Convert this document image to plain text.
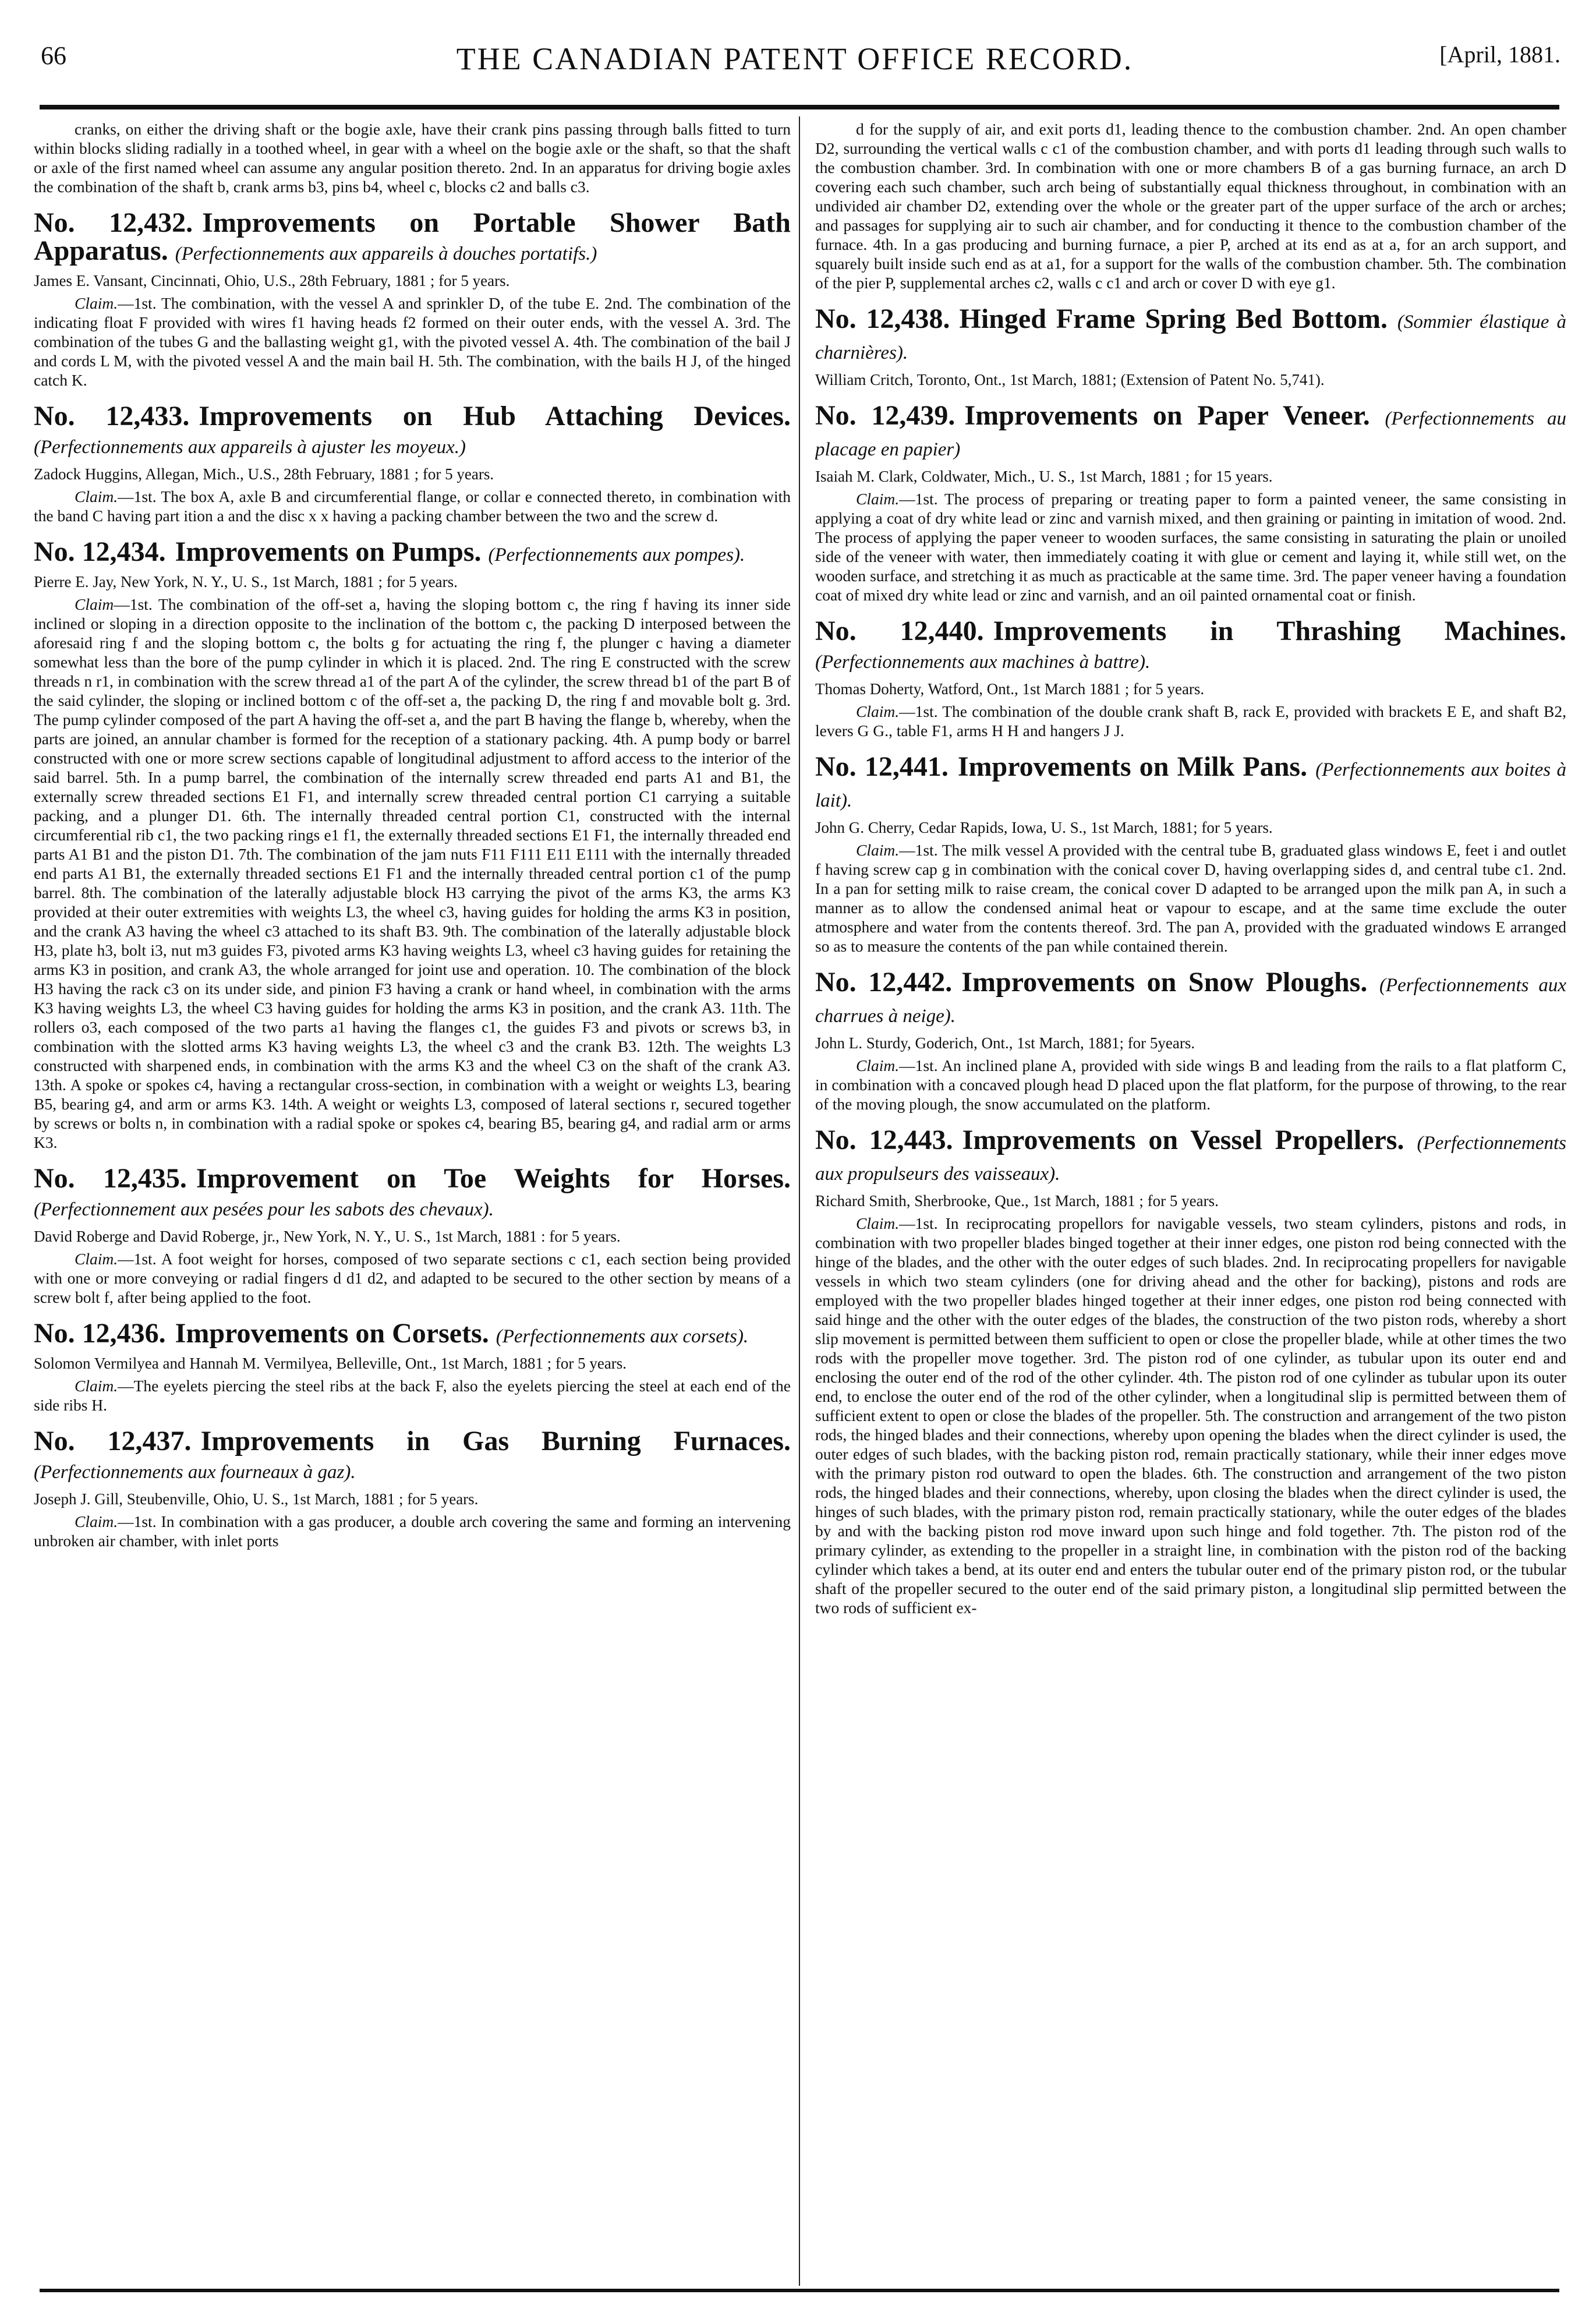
66	THE CANADIAN PATENT OFFICE RECORD.	[April, 1881.

cranks, on either the driving shaft or the bogie axle, have their crank pins passing through balls fitted to turn within blocks sliding radially in a toothed wheel, in gear with a wheel on the bogie axle or the shaft, so that the shaft or axle of the first named wheel can assume any angular position thereto. 2nd. In an apparatus for driving bogie axles the combination of the shaft b, crank arms b3, pins b4, wheel c, blocks c2 and balls c3.

No. 12,432. Improvements on Portable Shower Bath Apparatus. (Perfectionnements aux appareils à douches portatifs.)

James E. Vansant, Cincinnati, Ohio, U.S., 28th February, 1881 ; for 5 years.

Claim.—1st. The combination, with the vessel A and sprinkler D, of the tube E. 2nd. The combination of the indicating float F provided with wires f1 having heads f2 formed on their outer ends, with the vessel A. 3rd. The combination of the tubes G and the ballasting weight g1, with the pivoted vessel A. 4th. The combination of the bail J and cords L M, with the pivoted vessel A and the main bail H. 5th. The combination, with the bails H J, of the hinged catch K.

No. 12,433. Improvements on Hub Attaching Devices. (Perfectionnements aux appareils à ajuster les moyeux.)

Zadock Huggins, Allegan, Mich., U.S., 28th February, 1881 ; for 5 years.

Claim.—1st. The box A, axle B and circumferential flange, or collar e connected thereto, in combination with the band C having part ition a and the disc x x having a packing chamber between the two and the screw d.

No. 12,434. Improvements on Pumps. (Perfectionnements aux pompes).

Pierre E. Jay, New York, N. Y., U. S., 1st March, 1881 ; for 5 years.

Claim—1st. The combination of the off-set a, having the sloping bottom c, the ring f having its inner side inclined or sloping in a direction opposite to the inclination of the bottom c, the packing D interposed between the aforesaid ring f and the sloping bottom c, the bolts g for actuating the ring f, the plunger c having a diameter somewhat less than the bore of the pump cylinder in which it is placed. 2nd. The ring E constructed with the screw threads n r1, in combination with the screw thread a1 of the part A of the cylinder, the screw thread b1 of the part B of the said cylinder, the sloping or inclined bottom c of the off-set a, the packing D, the ring f and movable bolt g. 3rd. The pump cylinder composed of the part A having the off-set a, and the part B having the flange b, whereby, when the parts are joined, an annular chamber is formed for the reception of a stationary packing. 4th. A pump body or barrel constructed with one or more screw sections capable of longitudinal adjustment to afford access to the interior of the said barrel. 5th. In a pump barrel, the combination of the internally screw threaded end parts A1 and B1, the externally screw threaded sections E1 F1, and internally screw threaded central portion C1 carrying a suitable packing, and a plunger D1. 6th. The internally threaded central portion C1, constructed with the internal circumferential rib c1, the two packing rings e1 f1, the externally threaded sections E1 F1, the internally threaded end parts A1 B1 and the piston D1. 7th. The combination of the jam nuts F11 F111 E11 E111 with the internally threaded end parts A1 B1, the externally threaded sections E1 F1 and the internally threaded central portion c1 of the pump barrel. 8th. The combination of the laterally adjustable block H3 carrying the pivot of the arms K3, the arms K3 provided at their outer extremities with weights L3, the wheel c3, having guides for holding the arms K3 in position, and the crank A3 having the wheel c3 attached to its shaft B3. 9th. The combination of the laterally adjustable block H3, plate h3, bolt i3, nut m3 guides F3, pivoted arms K3 having weights L3, wheel c3 having guides for retaining the arms K3 in position, and crank A3, the whole arranged for joint use and operation. 10. The combination of the block H3 having the rack c3 on its under side, and pinion F3 having a crank or hand wheel, in combination with the arms K3 having weights L3, the wheel C3 having guides for holding the arms K3 in position, and the crank A3. 11th. The rollers o3, each composed of the two parts a1 having the flanges c1, the guides F3 and pivots or screws b3, in combination with the slotted arms K3 having weights L3, the wheel c3 and the crank B3. 12th. The weights L3 constructed with sharpened ends, in combination with the arms K3 and the wheel C3 on the shaft of the crank A3. 13th. A spoke or spokes c4, having a rectangular cross-section, in combination with a weight or weights L3, bearing B5, bearing g4, and arm or arms K3. 14th. A weight or weights L3, composed of lateral sections r, secured together by screws or bolts n, in combination with a radial spoke or spokes c4, bearing B5, bearing g4, and radial arm or arms K3.

No. 12,435. Improvement on Toe Weights for Horses. (Perfectionnement aux pesées pour les sabots des chevaux).

David Roberge and David Roberge, jr., New York, N. Y., U. S., 1st March, 1881 : for 5 years.

Claim.—1st. A foot weight for horses, composed of two separate sections c c1, each section being provided with one or more conveying or radial fingers d d1 d2, and adapted to be secured to the other section by means of a screw bolt f, after being applied to the foot.

No. 12,436. Improvements on Corsets. (Perfectionnements aux corsets).

Solomon Vermilyea and Hannah M. Vermilyea, Belleville, Ont., 1st March, 1881 ; for 5 years.

Claim.—The eyelets piercing the steel ribs at the back F, also the eyelets piercing the steel at each end of the side ribs H.

No. 12,437. Improvements in Gas Burning Furnaces. (Perfectionnements aux fourneaux à gaz).

Joseph J. Gill, Steubenville, Ohio, U. S., 1st March, 1881 ; for 5 years.

Claim.—1st. In combination with a gas producer, a double arch covering the same and forming an intervening unbroken air chamber, with inlet ports

d for the supply of air, and exit ports d1, leading thence to the combustion chamber. 2nd. An open chamber D2, surrounding the vertical walls c c1 of the combustion chamber, and with ports d1 leading through such walls to the combustion chamber. 3rd. In combination with one or more chambers B of a gas burning furnace, an arch D covering each such chamber, such arch being of substantially equal thickness throughout, in combination with an undivided air chamber D2, extending over the whole or the greater part of the upper surface of the arch or arches; and passages for supplying air to such air chamber, and for conducting it thence to the combustion chamber of the furnace. 4th. In a gas producing and burning furnace, a pier P, arched at its end as at a, for an arch support, and squarely built inside such end as at a1, for a support for the walls of the combustion chamber. 5th. The combination of the pier P, supplemental arches c2, walls c c1 and arch or cover D with eye g1.

No. 12,438. Hinged Frame Spring Bed Bottom. (Sommier élastique à charnières).

William Critch, Toronto, Ont., 1st March, 1881; (Extension of Patent No. 5,741).

No. 12,439. Improvements on Paper Veneer. (Perfectionnements au placage en papier)

Isaiah M. Clark, Coldwater, Mich., U. S., 1st March, 1881 ; for 15 years.

Claim.—1st. The process of preparing or treating paper to form a painted veneer, the same consisting in applying a coat of dry white lead or zinc and varnish mixed, and then graining or painting in imitation of wood. 2nd. The process of applying the paper veneer to wooden surfaces, the same consisting in saturating the plain or unoiled side of the veneer with water, then immediately coating it with glue or cement and laying it, while still wet, on the wooden surface, and stretching it as much as practicable at the same time. 3rd. The paper veneer having a foundation coat of mixed dry white lead or zinc and varnish, and an oil painted ornamental coat or finish.

No. 12,440. Improvements in Thrashing Machines. (Perfectionnements aux machines à battre).

Thomas Doherty, Watford, Ont., 1st March 1881 ; for 5 years.

Claim.—1st. The combination of the double crank shaft B, rack E, provided with brackets E E, and shaft B2, levers G G., table F1, arms H H and hangers J J.

No. 12,441. Improvements on Milk Pans. (Perfectionnements aux boites à lait).

John G. Cherry, Cedar Rapids, Iowa, U. S., 1st March, 1881; for 5 years.

Claim.—1st. The milk vessel A provided with the central tube B, graduated glass windows E, feet i and outlet f having screw cap g in combination with the conical cover D, having overlapping sides d, and central tube c1. 2nd. In a pan for setting milk to raise cream, the conical cover D adapted to be arranged upon the milk pan A, in such a manner as to allow the condensed animal heat or vapour to escape, and at the same time exclude the outer atmosphere and water from the contents thereof. 3rd. The pan A, provided with the graduated windows E arranged so as to measure the contents of the pan while contained therein.

No. 12,442. Improvements on Snow Ploughs. (Perfectionnements aux charrues à neige).

John L. Sturdy, Goderich, Ont., 1st March, 1881; for 5years.

Claim.—1st. An inclined plane A, provided with side wings B and leading from the rails to a flat platform C, in combination with a concaved plough head D placed upon the flat platform, for the purpose of throwing, to the rear of the moving plough, the snow accumulated on the platform.

No. 12,443. Improvements on Vessel Propellers. (Perfectionnements aux propulseurs des vaisseaux).

Richard Smith, Sherbrooke, Que., 1st March, 1881 ; for 5 years.

Claim.—1st. In reciprocating propellors for navigable vessels, two steam cylinders, pistons and rods, in combination with two propeller blades binged together at their inner edges, one piston rod being connected with the hinge of the blades, and the other with the outer edges of such blades. 2nd. In reciprocating propellers for navigable vessels in which two steam cylinders (one for driving ahead and the other for backing), pistons and rods are employed with the two propeller blades hinged together at their inner edges, one piston rod being connected with said hinge and the other with the outer edges of the blades, the construction of the two piston rods, whereby a short slip movement is permitted between them sufficient to open or close the propeller blade, while at other times the two rods with the propeller move together. 3rd. The piston rod of one cylinder, as tubular upon its outer end and enclosing the outer end of the rod of the other cylinder. 4th. The piston rod of one cylinder as tubular upon its outer end, to enclose the outer end of the rod of the other cylinder, when a longitudinal slip is permitted between them of sufficient extent to open or close the blades of the propeller. 5th. The construction and arrangement of the two piston rods, the hinged blades and their connections, whereby upon opening the blades when the direct cylinder is used, the outer edges of such blades, with the backing piston rod, remain practically stationary, while their inner edges move with the primary piston rod outward to open the blades. 6th. The construction and arrangement of the two piston rods, the hinged blades and their connections, whereby, upon closing the blades when the direct cylinder is used, the hinges of such blades, with the primary piston rod, remain practically stationary, while the outer edges of the blades by and with the backing piston rod move inward upon such hinge and fold together. 7th. The piston rod of the primary cylinder, as extending to the propeller in a straight line, in combination with the piston rod of the backing cylinder which takes a bend, at its outer end and enters the tubular outer end of the primary piston rod, or the tubular shaft of the propeller secured to the outer end of the said primary piston, a longitudinal slip permitted between the two rods of sufficient ex-
